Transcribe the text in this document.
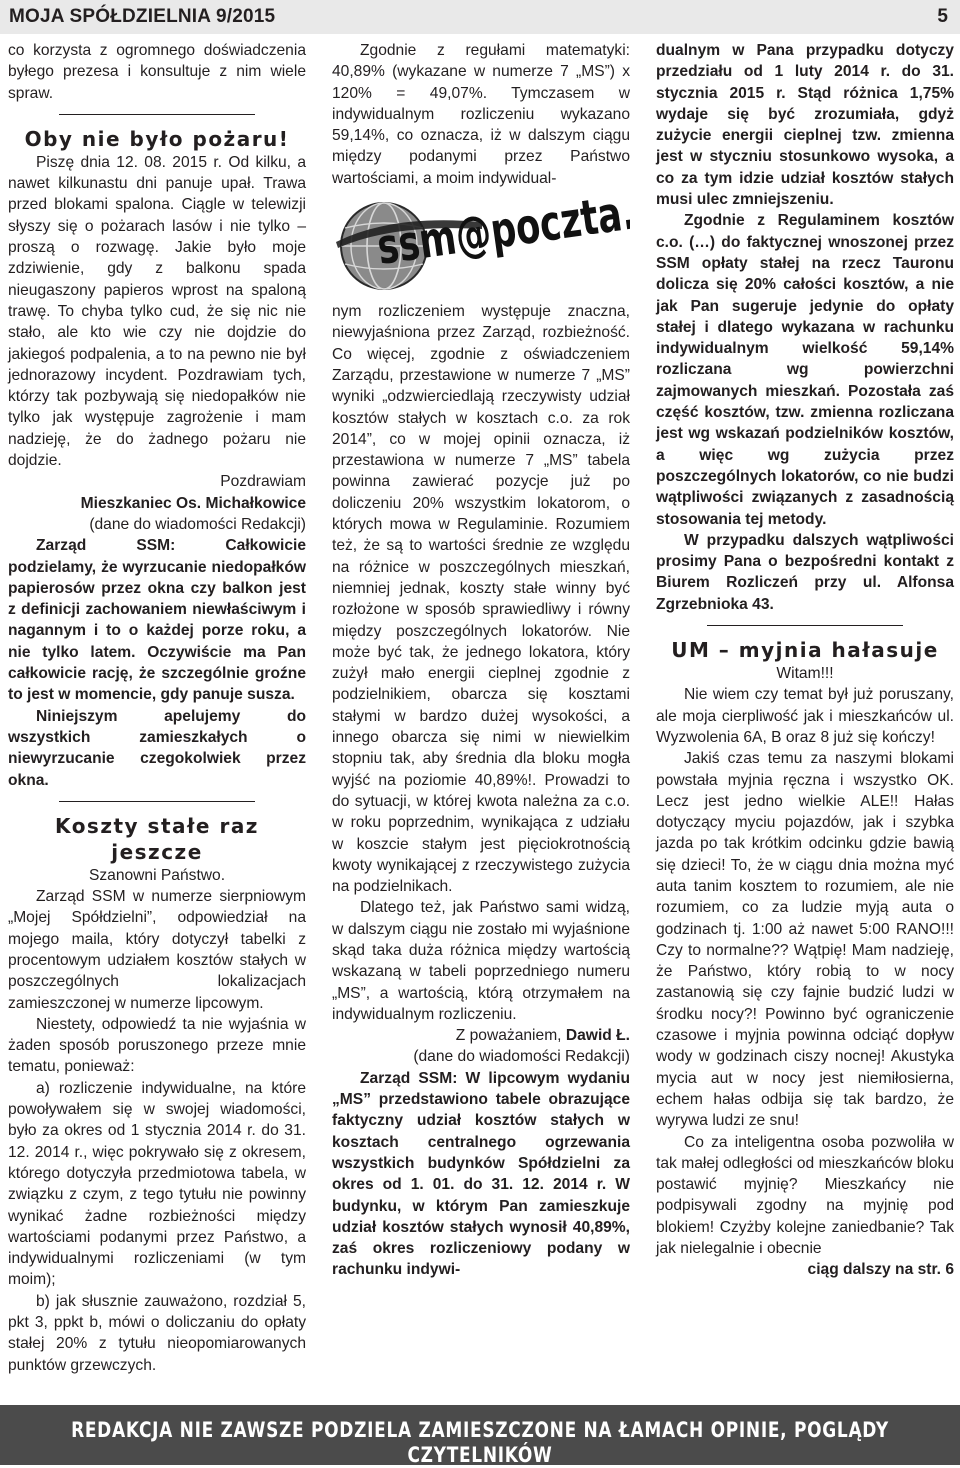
MOJA SPÓŁDZIELNIA 9/2015	5

co korzysta z ogromnego doświadczenia byłego prezesa i konsultuje z nim wiele spraw.

Oby nie było pożaru!

Piszę dnia 12. 08. 2015 r. Od kilku, a nawet kilkunastu dni panuje upał. Trawa przed blokami spalona. Ciągle w telewizji słyszy się o pożarach lasów i nie tylko – proszą o rozwagę. Jakie było moje zdziwienie, gdy z balkonu spada nieugaszony papieros wprost na spaloną trawę. To chyba tylko cud, że się nic nie stało, ale kto wie czy nie dojdzie do jakiegoś podpalenia, a to na pewno nie był jednorazowy incydent. Pozdrawiam tych, którzy tak pozbywają się niedopałków nie tylko jak występuje zagrożenie i mam nadzieję, że do żadnego pożaru nie dojdzie.

Pozdrawiam

Mieszkaniec Os. Michałkowice

(dane do wiadomości Redakcji)

Zarząd SSM: Całkowicie podzielamy, że wyrzucanie niedopałków papierosów przez okna czy balkon jest z definicji zachowaniem niewłaściwym i nagannym i to o każdej porze roku, a nie tylko latem. Oczywiście ma Pan całkowicie rację, że szczególnie groźne to jest w momencie, gdy panuje susza.

Niniejszym apelujemy do wszystkich zamieszkałych o niewyrzucanie czegokolwiek przez okna.

Koszty stałe raz jeszcze

Szanowni Państwo.

Zarząd SSM w numerze sierpniowym „Mojej Spółdzielni”, odpowiedział na mojego maila, który dotyczył tabelki z procentowym udziałem kosztów stałych w poszczególnych lokalizacjach zamieszczonej w numerze lipcowym.

Niestety, odpowiedź ta nie wyjaśnia w żaden sposób poruszonego przeze mnie tematu, ponieważ:

a) rozliczenie indywidualne, na które powoływałem się w swojej wiadomości, było za okres od 1 stycznia 2014 r. do 31. 12. 2014 r., więc pokrywało się z okresem, którego dotyczyła przedmiotowa tabela, w związku z czym, z tego tytułu nie powinny wynikać żadne rozbieżności między wartościami podanymi przez Państwo, a indywidualnymi rozliczeniami (w tym moim);

b) jak słusznie zauważono, rozdział 5, pkt 3, ppkt b, mówi o doliczaniu do opłaty stałej 20% z tytułu nieopomiarowanych punktów grzewczych.

Zgodnie z regułami matematyki: 40,89% (wykazane w numerze 7 „MS”) x 120% = 49,07%. Tymczasem w indywidualnym rozliczeniu wykazano 59,14%, co oznacza, iż w dalszym ciągu między podanymi przez Państwo wartościami, a moim indywidual-

ssm@poczta.fm

nym rozliczeniem występuje znaczna, niewyjaśniona przez Zarząd, rozbieżność. Co więcej, zgodnie z oświadczeniem Zarządu, przestawione w numerze 7 „MS” wyniki „odzwierciedlają rzeczywisty udział kosztów stałych w kosztach c.o. za rok 2014”, co w mojej opinii oznacza, iż przestawiona w numerze 7 „MS” tabela powinna zawierać pozycje już po doliczeniu 20% wszystkim lokatorom, o których mowa w Regulaminie. Rozumiem też, że są to wartości średnie ze względu na różnice w poszczególnych mieszkań, niemniej jednak, koszty stałe winny być rozłożone w sposób sprawiedliwy i równy między poszczególnych lokatorów. Nie może być tak, że jednego lokatora, który zużył mało energii cieplnej zgodnie z podzielnikiem, obarcza się kosztami stałymi w bardzo dużej wysokości, a innego obarcza się nimi w niewielkim stopniu tak, aby średnia dla bloku mogła wyjść na poziomie 40,89%!. Prowadzi to do sytuacji, w której kwota należna za c.o. w roku poprzednim, wynikająca z udziału w koszcie stałym jest pięciokrotnością kwoty wynikającej z rzeczywistego zużycia na podzielnikach.

Dlatego też, jak Państwo sami widzą, w dalszym ciągu nie zostało mi wyjaśnione skąd taka duża różnica między wartością wskazaną w tabeli poprzedniego numeru „MS”, a wartością, którą otrzymałem na indywidualnym rozliczeniu.

Z poważaniem, Dawid Ł.

(dane do wiadomości Redakcji)

Zarząd SSM: W lipcowym wydaniu „MS” przedstawiono tabele obrazujące faktyczny udział kosztów stałych w kosztach centralnego ogrzewania wszystkich budynków Spółdzielni za okres od 1. 01. do 31. 12. 2014 r. W budynku, w którym Pan zamieszkuje udział kosztów stałych wynosił 40,89%, zaś okres rozliczeniowy podany w rachunku indywi-

dualnym w Pana przypadku dotyczy przedziału od 1 luty 2014 r. do 31. stycznia 2015 r. Stąd różnica 1,75% wydaje się być zrozumiała, gdyż zużycie energii cieplnej tzw. zmienna jest w styczniu stosunkowo wysoka, a co za tym idzie udział kosztów stałych musi ulec zmniejszeniu.

Zgodnie z Regulaminem kosztów c.o. (…) do faktycznej wnoszonej przez SSM opłaty stałej na rzecz Tauronu dolicza się 20% całości kosztów, a nie jak Pan sugeruje jedynie do opłaty stałej i dlatego wykazana w rachunku indywidualnym wielkość 59,14% rozliczana wg powierzchni zajmowanych mieszkań. Pozostała zaś część kosztów, tzw. zmienna rozliczana jest wg wskazań podzielników kosztów, a więc wg zużycia przez poszczególnych lokatorów, co nie budzi wątpliwości związanych z zasadnością stosowania tej metody.

W przypadku dalszych wątpliwości prosimy Pana o bezpośredni kontakt z Biurem Rozliczeń przy ul. Alfonsa Zgrzebnioka 43.

UM – myjnia hałasuje

Witam!!!

Nie wiem czy temat był już poruszany, ale moja cierpliwość jak i mieszkańców ul. Wyzwolenia 6A, B oraz 8 już się kończy!

Jakiś czas temu za naszymi blokami powstała myjnia ręczna i wszystko OK. Lecz jest jedno wielkie ALE!! Hałas dotyczący myciu pojazdów, jak i szybka jazda po tak krótkim odcinku gdzie bawią się dzieci! To, że w ciągu dnia można myć auta tanim kosztem to rozumiem, ale nie rozumiem, co za ludzie myją auta o godzinach tj. 1:00 aż nawet 5:00 RANO!!! Czy to normalne?? Wątpię! Mam nadzieję, że Państwo, który robią to w nocy zastanowią się czy fajnie budzić ludzi w środku nocy?! Powinno być ograniczenie czasowe i myjnia powinna odciąć dopływ wody w godzinach ciszy nocnej! Akustyka mycia aut w nocy jest niemiłosierna, echem hałas odbija się tak bardzo, że wyrywa ludzi ze snu!

Co za inteligentna osoba pozwoliła w tak małej odległości od mieszkańców bloku postawić myjnię? Mieszkańcy nie podpisywali zgodny na myjnię pod blokiem! Czyżby kolejne zaniedbanie? Tak jak nielegalnie i obecnie

ciąg dalszy na str. 6

REDAKCJA NIE ZAWSZE PODZIELA ZAMIESZCZONE NA ŁAMACH OPINIE, POGLĄDY CZYTELNIKÓW
